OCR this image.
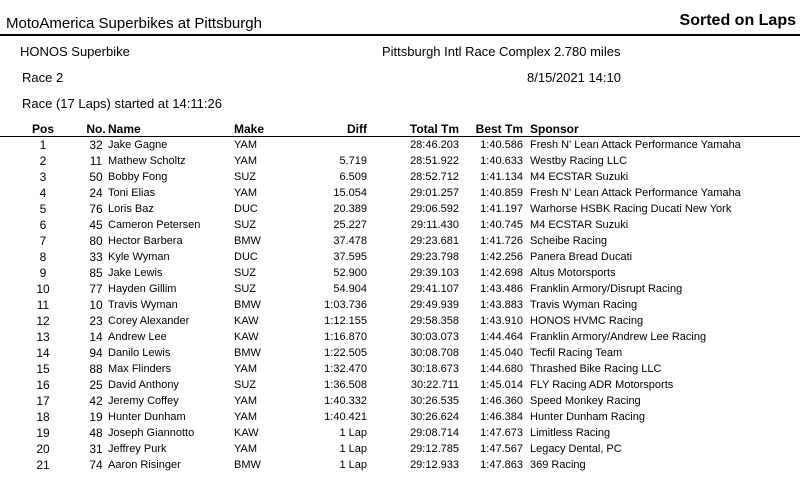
MotoAmerica Superbikes at Pittsburgh	Sorted on Laps
HONOS Superbike	Pittsburgh Intl Race Complex 2.780 miles
Race 2	8/15/2021 14:10
Race (17 Laps) started at 14:11:26
Pos	No.	Name	Make	Diff	Total Tm	Best Tm	Sponsor
1	32	Jake Gagne	YAM		28:46.203	1:40.586	Fresh N' Lean Attack Performance Yamaha
2	11	Mathew Scholtz	YAM	5.719	28:51.922	1:40.633	Westby Racing LLC
3	50	Bobby Fong	SUZ	6.509	28:52.712	1:41.134	M4 ECSTAR Suzuki
4	24	Toni Elias	YAM	15.054	29:01.257	1:40.859	Fresh N' Lean Attack Performance Yamaha
5	76	Loris Baz	DUC	20.389	29:06.592	1:41.197	Warhorse HSBK Racing Ducati New York
6	45	Cameron Petersen	SUZ	25.227	29:11.430	1:40.745	M4 ECSTAR Suzuki
7	80	Hector Barbera	BMW	37.478	29:23.681	1:41.726	Scheibe Racing
8	33	Kyle Wyman	DUC	37.595	29:23.798	1:42.256	Panera Bread Ducati
9	85	Jake Lewis	SUZ	52.900	29:39.103	1:42.698	Altus Motorsports
10	77	Hayden Gillim	SUZ	54.904	29:41.107	1:43.486	Franklin Armory/Disrupt Racing
11	10	Travis Wyman	BMW	1:03.736	29:49.939	1:43.883	Travis Wyman Racing
12	23	Corey Alexander	KAW	1:12.155	29:58.358	1:43.910	HONOS HVMC Racing
13	14	Andrew Lee	KAW	1:16.870	30:03.073	1:44.464	Franklin Armory/Andrew Lee Racing
14	94	Danilo Lewis	BMW	1:22.505	30:08.708	1:45.040	Tecfil Racing Team
15	88	Max Flinders	YAM	1:32.470	30:18.673	1:44.680	Thrashed Bike Racing LLC
16	25	David Anthony	SUZ	1:36.508	30:22.711	1:45.014	FLY Racing ADR Motorsports
17	42	Jeremy Coffey	YAM	1:40.332	30:26.535	1:46.360	Speed Monkey Racing
18	19	Hunter Dunham	YAM	1:40.421	30:26.624	1:46.384	Hunter Dunham Racing
19	48	Joseph Giannotto	KAW	1 Lap	29:08.714	1:47.673	Limitless Racing
20	31	Jeffrey Purk	YAM	1 Lap	29:12.785	1:47.567	Legacy Dental, PC
21	74	Aaron Risinger	BMW	1 Lap	29:12.933	1:47.863	369 Racing
